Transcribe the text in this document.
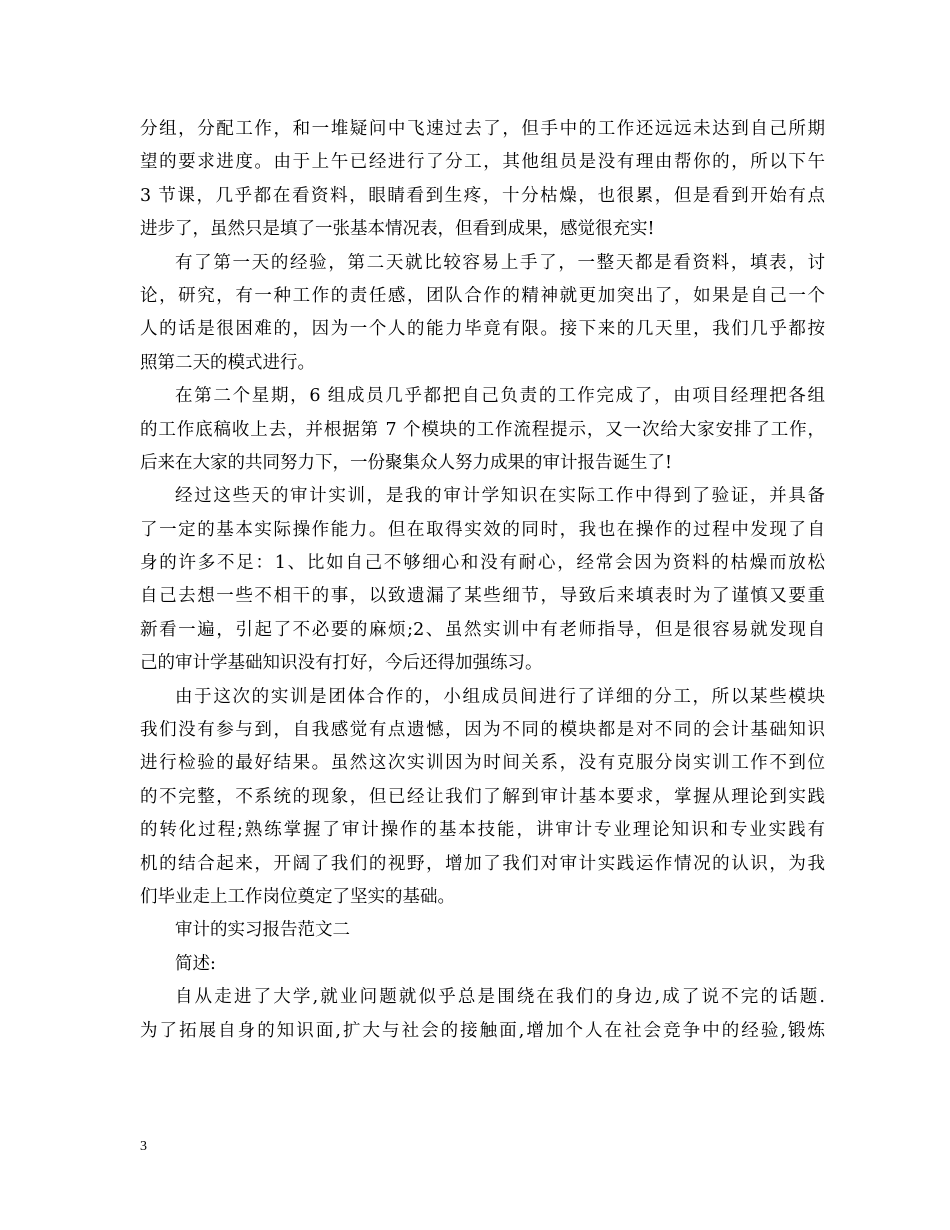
分组，分配工作，和一堆疑问中飞速过去了，但手中的工作还远远未达到自己所期
望的要求进度。由于上午已经进行了分工，其他组员是没有理由帮你的，所以下午
3 节课，几乎都在看资料，眼睛看到生疼，十分枯燥，也很累，但是看到开始有点
进步了，虽然只是填了一张基本情况表，但看到成果，感觉很充实!
有了第一天的经验，第二天就比较容易上手了，一整天都是看资料，填表，讨
论，研究，有一种工作的责任感，团队合作的精神就更加突出了，如果是自己一个
人的话是很困难的，因为一个人的能力毕竟有限。接下来的几天里，我们几乎都按
照第二天的模式进行。
在第二个星期，6 组成员几乎都把自己负责的工作完成了，由项目经理把各组
的工作底稿收上去，并根据第 7 个模块的工作流程提示，又一次给大家安排了工作，
后来在大家的共同努力下，一份聚集众人努力成果的审计报告诞生了!
经过这些天的审计实训，是我的审计学知识在实际工作中得到了验证，并具备
了一定的基本实际操作能力。但在取得实效的同时，我也在操作的过程中发现了自
身的许多不足：1、比如自己不够细心和没有耐心，经常会因为资料的枯燥而放松
自己去想一些不相干的事，以致遗漏了某些细节，导致后来填表时为了谨慎又要重
新看一遍，引起了不必要的麻烦;2、虽然实训中有老师指导，但是很容易就发现自
己的审计学基础知识没有打好，今后还得加强练习。
由于这次的实训是团体合作的，小组成员间进行了详细的分工，所以某些模块
我们没有参与到，自我感觉有点遗憾，因为不同的模块都是对不同的会计基础知识
进行检验的最好结果。虽然这次实训因为时间关系，没有克服分岗实训工作不到位
的不完整，不系统的现象，但已经让我们了解到审计基本要求，掌握从理论到实践
的转化过程;熟练掌握了审计操作的基本技能，讲审计专业理论知识和专业实践有
机的结合起来，开阔了我们的视野，增加了我们对审计实践运作情况的认识，为我
们毕业走上工作岗位奠定了坚实的基础。
审计的实习报告范文二
简述:
自从走进了大学,就业问题就似乎总是围绕在我们的身边,成了说不完的话题.
为了拓展自身的知识面,扩大与社会的接触面,增加个人在社会竞争中的经验,锻炼
3
